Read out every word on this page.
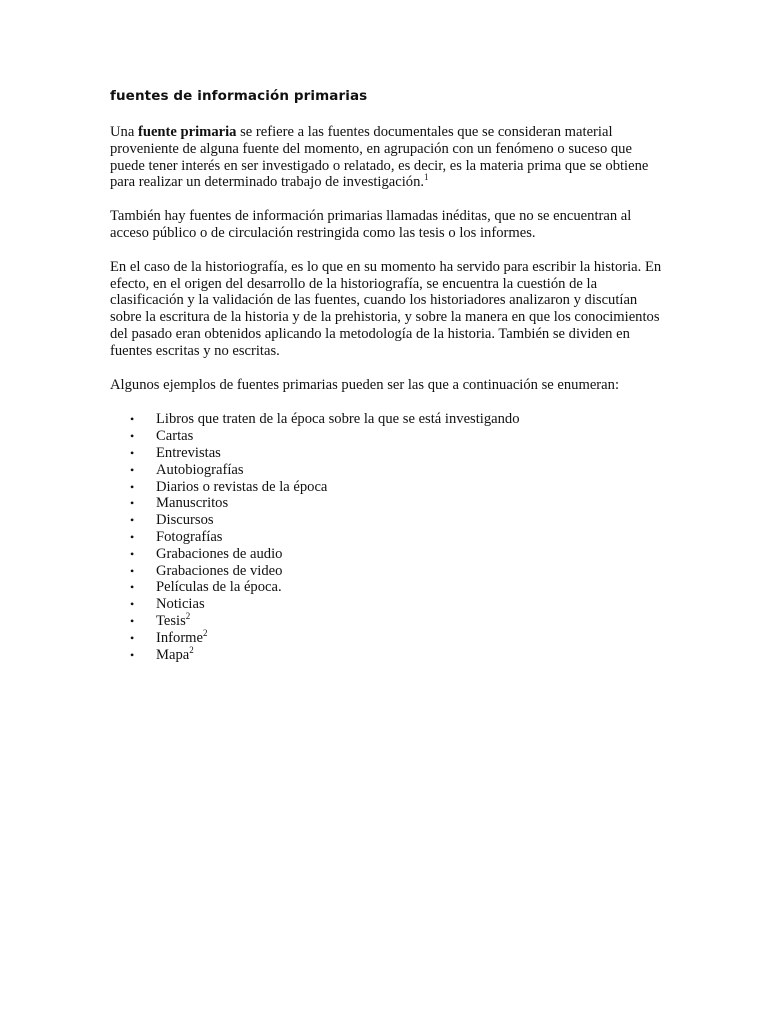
fuentes de información primarias

Una fuente primaria se refiere a las fuentes documentales que se consideran material proveniente de alguna fuente del momento, en agrupación con un fenómeno o suceso que puede tener interés en ser investigado o relatado, es decir, es la materia prima que se obtiene para realizar un determinado trabajo de investigación.$^1$

También hay fuentes de información primarias llamadas inéditas, que no se encuentran al acceso público o de circulación restringida como las tesis o los informes.

En el caso de la historiografía, es lo que en su momento ha servido para escribir la historia. En efecto, en el origen del desarrollo de la historiografía, se encuentra la cuestión de la clasificación y la validación de las fuentes, cuando los historiadores analizaron y discutían sobre la escritura de la historia y de la prehistoria, y sobre la manera en que los conocimientos del pasado eran obtenidos aplicando la metodología de la historia. También se dividen en fuentes escritas y no escritas.

Algunos ejemplos de fuentes primarias pueden ser las que a continuación se enumeran:

• Libros que traten de la época sobre la que se está investigando
• Cartas
• Entrevistas
• Autobiografías
• Diarios o revistas de la época
• Manuscritos
• Discursos
• Fotografías
• Grabaciones de audio
• Grabaciones de video
• Películas de la época.
• Noticias
• Tesis$^2$
• Informe$^2$
• Mapa$^2$
